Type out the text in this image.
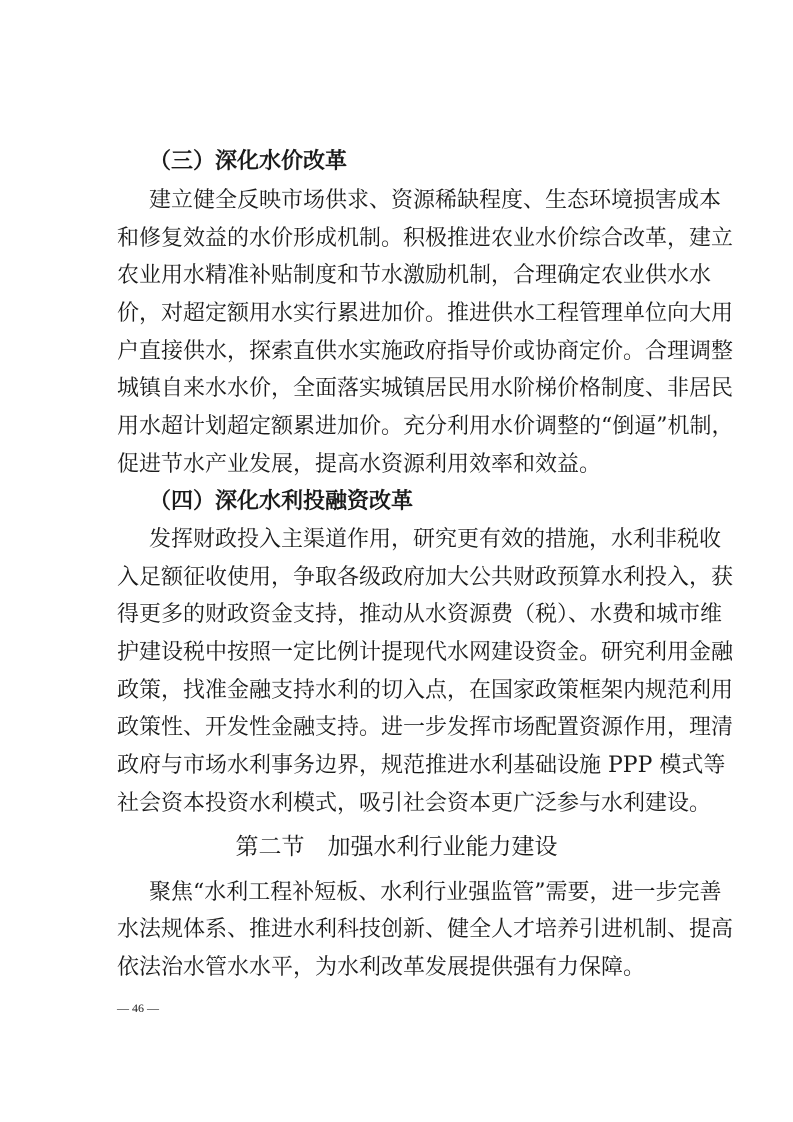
（三）深化水价改革
建立健全反映市场供求、资源稀缺程度、生态环境损害成本
和修复效益的水价形成机制。积极推进农业水价综合改革，建立
农业用水精准补贴制度和节水激励机制，合理确定农业供水水
价，对超定额用水实行累进加价。推进供水工程管理单位向大用
户直接供水，探索直供水实施政府指导价或协商定价。合理调整
城镇自来水水价，全面落实城镇居民用水阶梯价格制度、非居民
用水超计划超定额累进加价。充分利用水价调整的“倒逼”机制，
促进节水产业发展，提高水资源利用效率和效益。
（四）深化水利投融资改革
发挥财政投入主渠道作用，研究更有效的措施，水利非税收
入足额征收使用，争取各级政府加大公共财政预算水利投入，获
得更多的财政资金支持，推动从水资源费（税）、水费和城市维
护建设税中按照一定比例计提现代水网建设资金。研究利用金融
政策，找准金融支持水利的切入点，在国家政策框架内规范利用
政策性、开发性金融支持。进一步发挥市场配置资源作用，理清
政府与市场水利事务边界，规范推进水利基础设施 PPP 模式等
社会资本投资水利模式，吸引社会资本更广泛参与水利建设。
第二节　加强水利行业能力建设
聚焦“水利工程补短板、水利行业强监管”需要，进一步完善
水法规体系、推进水利科技创新、健全人才培养引进机制、提高
依法治水管水水平，为水利改革发展提供强有力保障。
— 46 —
